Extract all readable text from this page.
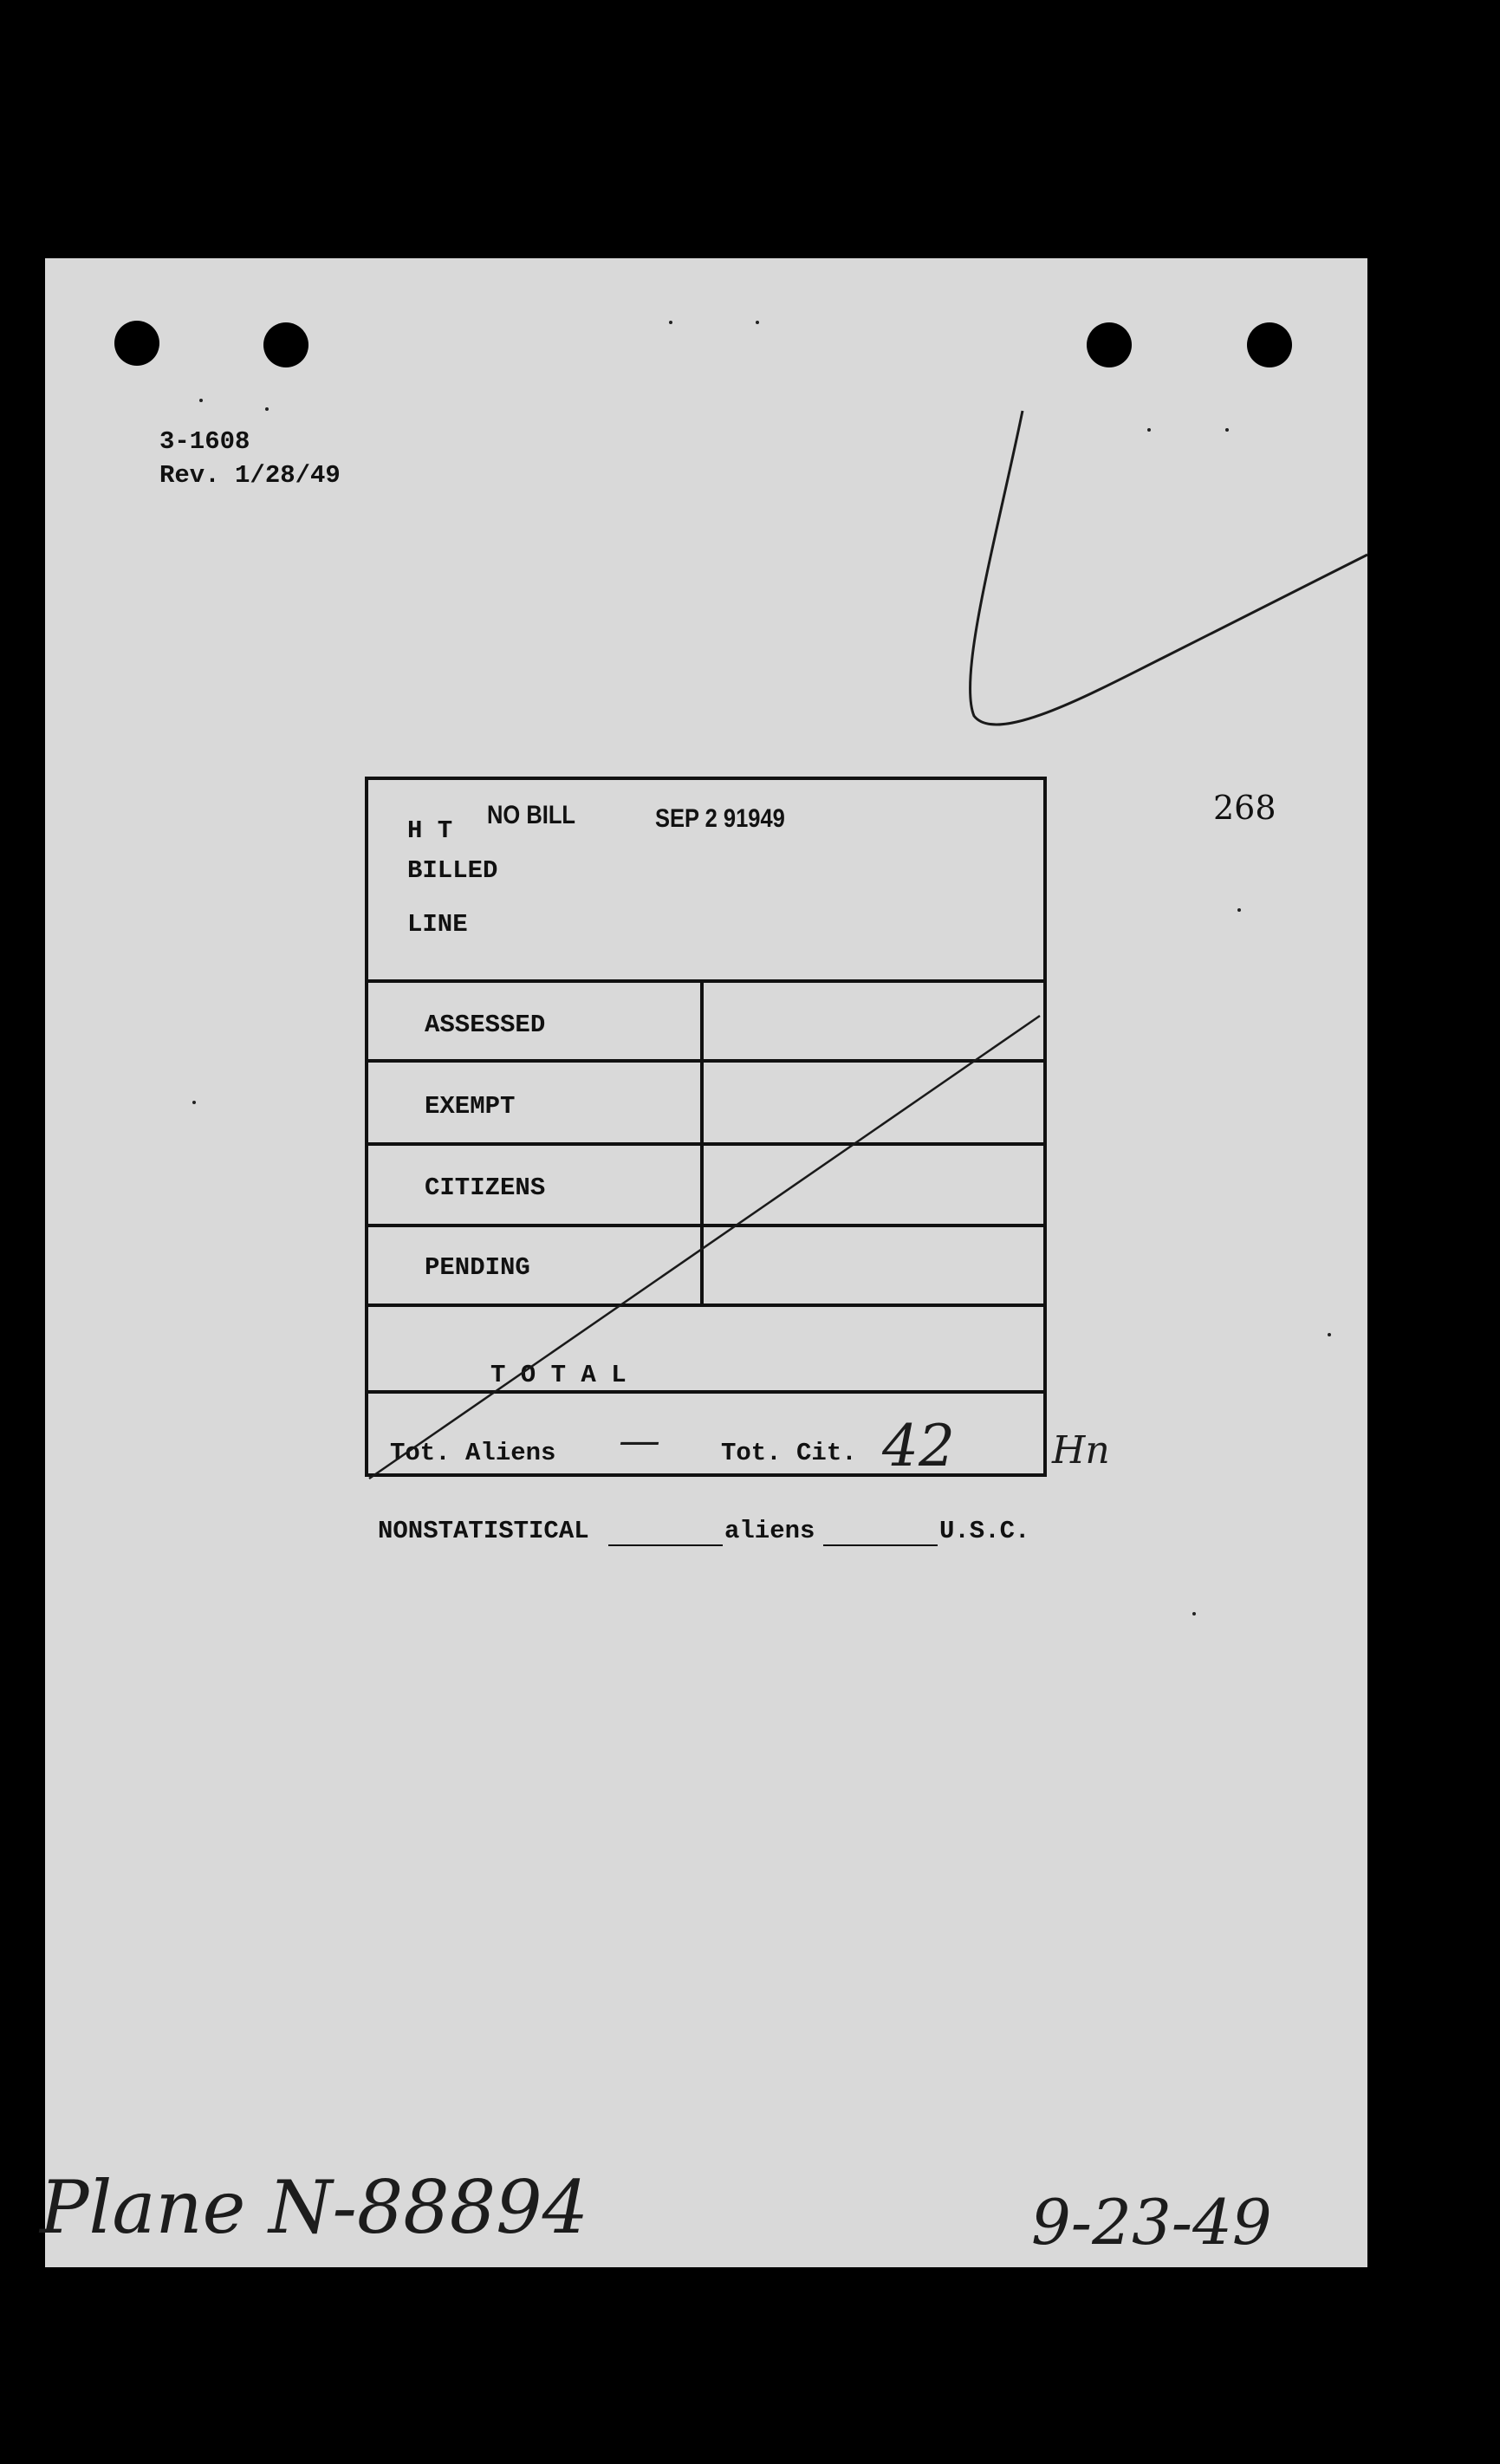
3-1608
Rev. 1/28/49
268
H T
NO BILL	SEP 2 91949
BILLED
LINE
ASSESSED
EXEMPT
CITIZENS
PENDING
T O T A L
Tot. Aliens — Tot. Cit. 42	Hn
NONSTATISTICAL	aliens	U.S.C.
Plane N-88894	9-23-49
